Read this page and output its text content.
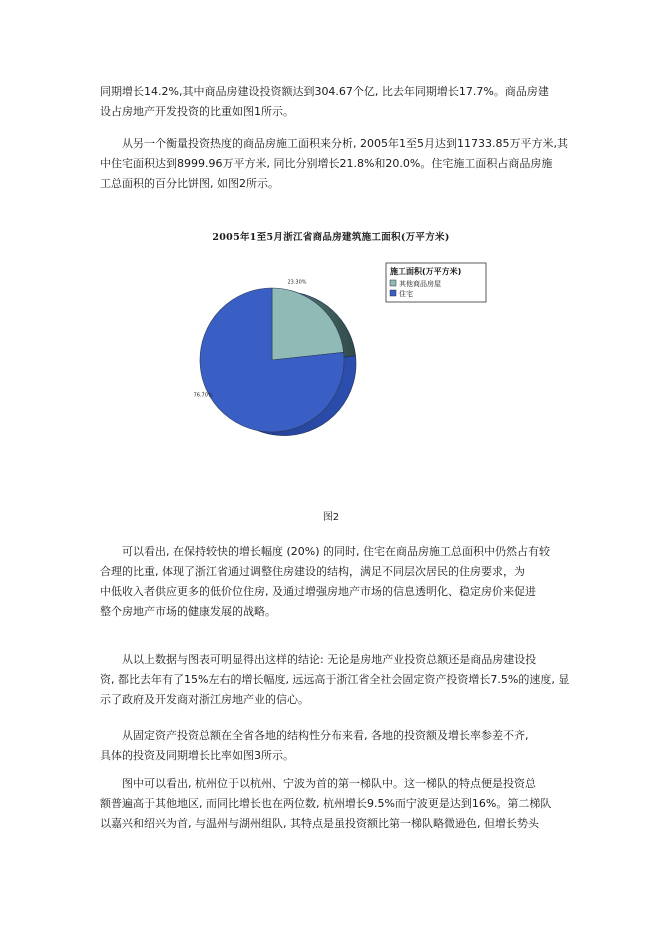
同期增长14.2%,其中商品房建设投资额达到304.67个亿, 比去年同期增长17.7%。商品房建
设占房地产开发投资的比重如图1所示。
从另一个衡量投资热度的商品房施工面积来分析, 2005年1至5月达到11733.85万平方米,其
中住宅面积达到8999.96万平方米, 同比分别增长21.8%和20.0%。住宅施工面积占商品房施
工总面积的百分比饼图, 如图2所示。
2005年1至5月浙江省商品房建筑施工面积(万平方米)
23.30%
76.70%
施工面积(万平方米)
其他商品房屋
住宅
图2
可以看出, 在保持较快的增长幅度 (20%) 的同时, 住宅在商品房施工总面积中仍然占有较
合理的比重, 体现了浙江省通过调整住房建设的结构，满足不同层次居民的住房要求，为
中低收入者供应更多的低价位住房, 及通过增强房地产市场的信息透明化、稳定房价来促进
整个房地产市场的健康发展的战略。
从以上数据与图表可明显得出这样的结论: 无论是房地产业投资总额还是商品房建设投
资, 都比去年有了15%左右的增长幅度, 远远高于浙江省全社会固定资产投资增长7.5%的速度, 显
示了政府及开发商对浙江房地产业的信心。
从固定资产投资总额在全省各地的结构性分布来看, 各地的投资额及增长率参差不齐,
具体的投资及同期增长比率如图3所示。
图中可以看出, 杭州位于以杭州、宁波为首的第一梯队中。这一梯队的特点便是投资总
额普遍高于其他地区, 而同比增长也在两位数, 杭州增长9.5%而宁波更是达到16%。第二梯队
以嘉兴和绍兴为首, 与温州与湖州组队, 其特点是虽投资额比第一梯队略微逊色, 但增长势头
